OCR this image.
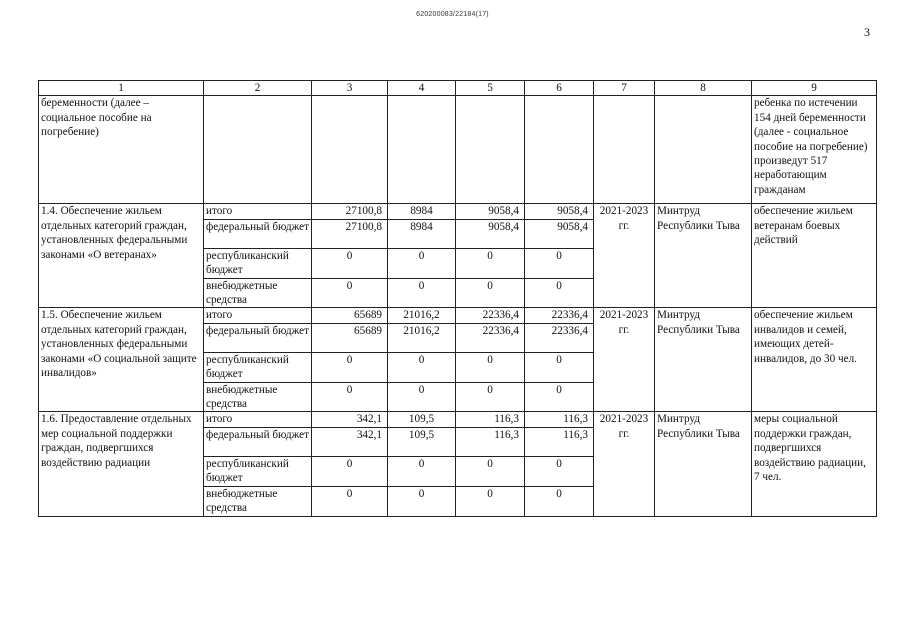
620200083/22184(17)
3
1	2	3	4	5	6	7	8	9
беременности (далее – социальное пособие на погребение)								ребенка по истечении 154 дней беременности (далее - социальное пособие на погребение) произведут 517 неработающим гражданам
1.4. Обеспечение жильем отдельных категорий граждан, установленных федеральными законами «О ветеранах»	итого	27100,8	8984	9058,4	9058,4	2021-2023 гг.	Минтруд Республики Тыва	обеспечение жильем ветеранам боевых действий
	федеральный бюджет	27100,8	8984	9058,4	9058,4			
	республиканский бюджет	0	0	0	0			
	внебюджетные средства	0	0	0	0			
1.5. Обеспечение жильем отдельных категорий граждан, установленных федеральными законами «О социальной защите инвалидов»	итого	65689	21016,2	22336,4	22336,4	2021-2023 гг.	Минтруд Республики Тыва	обеспечение жильем инвалидов и семей, имеющих детей-инвалидов, до 30 чел.
	федеральный бюджет	65689	21016,2	22336,4	22336,4			
	республиканский бюджет	0	0	0	0			
	внебюджетные средства	0	0	0	0			
1.6. Предоставление отдельных мер социальной поддержки граждан, подвергшихся воздействию радиации	итого	342,1	109,5	116,3	116,3	2021-2023 гг.	Минтруд Республики Тыва	меры социальной поддержки граждан, подвергшихся воздействию радиации, 7 чел.
	федеральный бюджет	342,1	109,5	116,3	116,3			
	республиканский бюджет	0	0	0	0			
	внебюджетные средства	0	0	0	0			
